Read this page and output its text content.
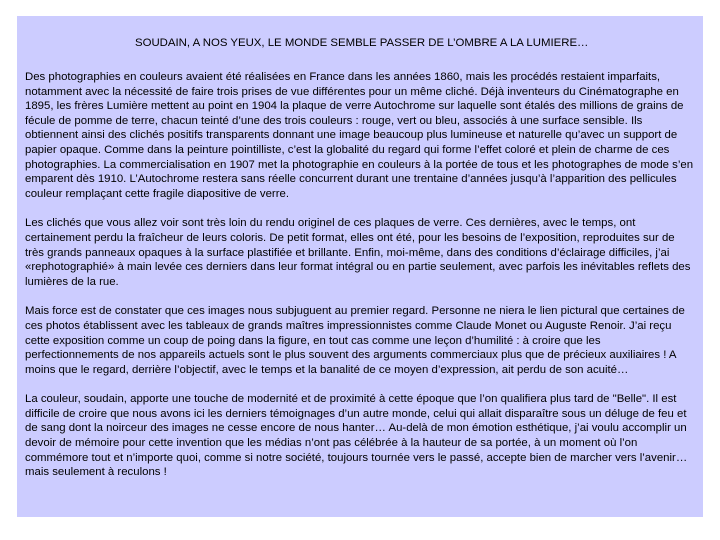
SOUDAIN, A NOS YEUX, LE MONDE SEMBLE PASSER DE L’OMBRE A LA LUMIERE…

Des photographies en couleurs avaient été réalisées en France dans les années 1860, mais les procédés restaient imparfaits, notamment avec la nécessité de faire trois prises de vue différentes pour un même cliché. Déjà inventeurs du Cinématographe en 1895, les frères Lumière mettent au point en 1904 la plaque de verre Autochrome sur laquelle sont étalés des millions de grains de fécule de pomme de terre, chacun teinté d’une des trois couleurs : rouge, vert ou bleu, associés à une surface sensible. Ils obtiennent ainsi des clichés positifs transparents donnant une image beaucoup plus lumineuse et naturelle qu’avec un support de papier opaque. Comme dans la peinture pointilliste, c’est la globalité du regard qui forme l’effet coloré et plein de charme de ces photographies. La commercialisation en 1907 met la photographie en couleurs à la portée de tous et les photographes de mode s’en emparent dès 1910. L’Autochrome restera sans réelle concurrent durant une trentaine d’années jusqu’à l’apparition des pellicules couleur remplaçant cette fragile diapositive de verre.

Les clichés que vous allez voir sont très loin du rendu originel de ces plaques de verre. Ces dernières, avec le temps, ont certainement perdu la fraîcheur de leurs coloris. De petit format, elles ont été, pour les besoins de l’exposition, reproduites sur de très grands panneaux opaques à la surface plastifiée et brillante. Enfin, moi-même, dans des conditions d’éclairage difficiles, j’ai «rephotographié» à main levée ces derniers dans leur format intégral ou en partie seulement, avec parfois les inévitables reflets des lumières de la rue.

Mais force est de constater que ces images nous subjuguent au premier regard. Personne ne niera le lien pictural que certaines de ces photos établissent avec les tableaux de grands maîtres impressionnistes comme Claude Monet ou Auguste Renoir. J’ai reçu cette exposition comme un coup de poing dans la figure, en tout cas comme une leçon d’humilité : à croire que les perfectionnements de nos appareils actuels sont le plus souvent des arguments commerciaux plus que de précieux auxiliaires ! A moins que le regard, derrière l’objectif, avec le temps et la banalité de ce moyen d’expression, ait perdu de son acuité…

La couleur, soudain, apporte une touche de modernité et de proximité à cette époque que l’on qualifiera plus tard de "Belle". Il est difficile de croire que nous avons ici les derniers témoignages d’un autre monde, celui qui allait disparaître sous un déluge de feu et de sang dont la noirceur des images ne cesse encore de nous hanter… Au-delà de mon émotion esthétique, j’ai voulu accomplir un devoir de mémoire pour cette invention que les médias n’ont pas célébrée à la hauteur de sa portée, à un moment où l’on commémore tout et n’importe quoi, comme si notre société, toujours tournée vers le passé, accepte bien de marcher vers l’avenir… mais seulement à reculons !
